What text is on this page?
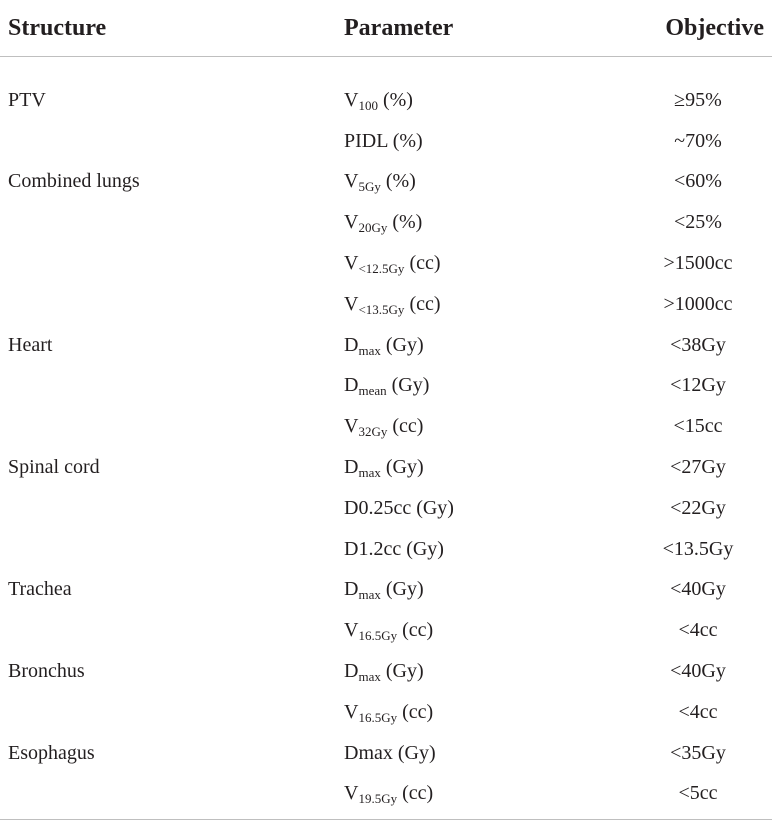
Structure	Parameter	Objective

PTV	$V_{100}$ (%)	≥95%
	PIDL (%)	~70%
Combined lungs	$V_{5Gy}$ (%)	<60%
	$V_{20Gy}$ (%)	<25%
	$V_{<12.5Gy}$ (cc)	>1500cc
	$V_{<13.5Gy}$ (cc)	>1000cc
Heart	$D_{max}$ (Gy)	<38Gy
	$D_{mean}$ (Gy)	<12Gy
	$V_{32Gy}$ (cc)	<15cc
Spinal cord	$D_{max}$ (Gy)	<27Gy
	D0.25cc (Gy)	<22Gy
	D1.2cc (Gy)	<13.5Gy
Trachea	$D_{max}$ (Gy)	<40Gy
	$V_{16.5Gy}$ (cc)	<4cc
Bronchus	$D_{max}$ (Gy)	<40Gy
	$V_{16.5Gy}$ (cc)	<4cc
Esophagus	Dmax (Gy)	<35Gy
	$V_{19.5Gy}$ (cc)	<5cc
